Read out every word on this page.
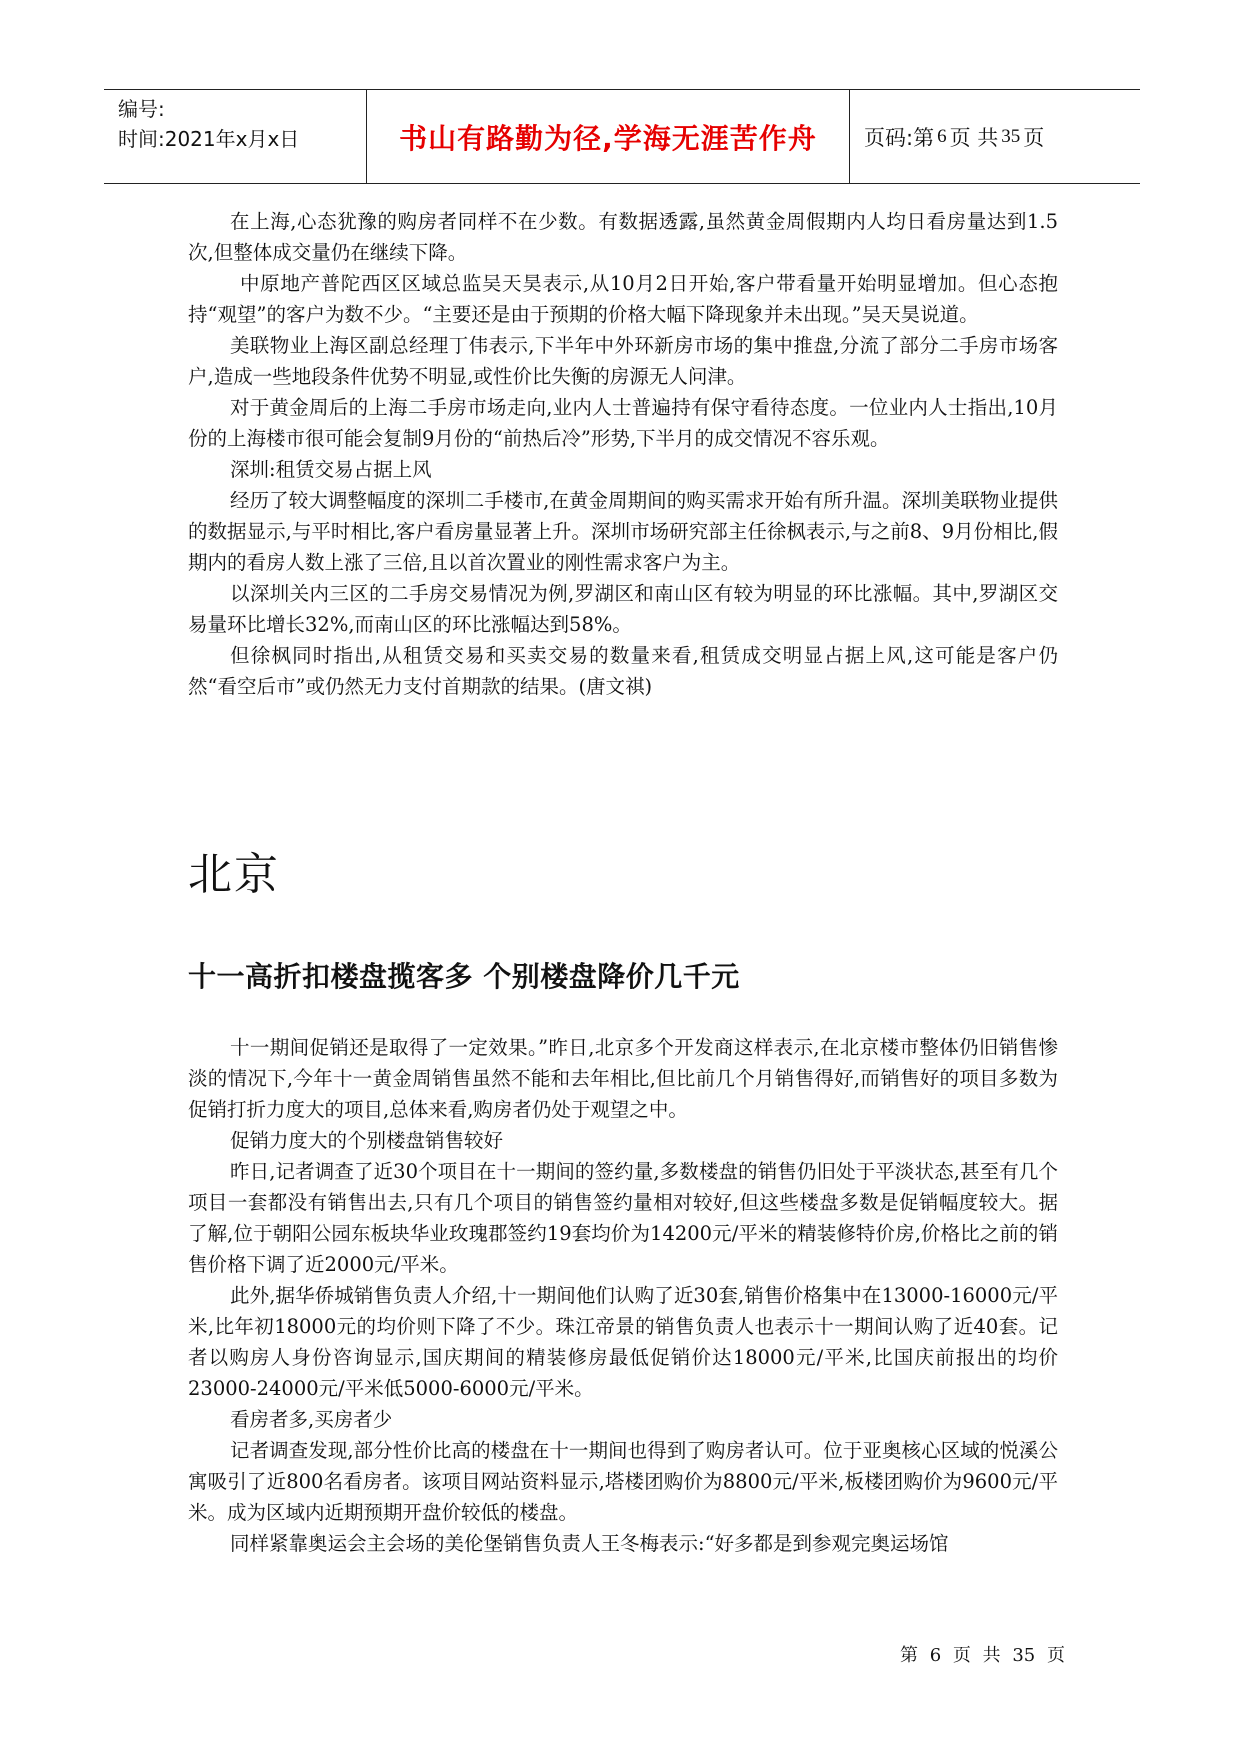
编号:
时间:2021年x月x日	书山有路勤为径,学海无涯苦作舟	页码:第 6 页 共 35 页

在上海,心态犹豫的购房者同样不在少数。有数据透露,虽然黄金周假期内人均日看房量达到1.5次,但整体成交量仍在继续下降。

中原地产普陀西区区域总监吴天昊表示,从10月2日开始,客户带看量开始明显增加。但心态抱持“观望”的客户为数不少。“主要还是由于预期的价格大幅下降现象并未出现。”吴天昊说道。

美联物业上海区副总经理丁伟表示,下半年中外环新房市场的集中推盘,分流了部分二手房市场客户,造成一些地段条件优势不明显,或性价比失衡的房源无人问津。

对于黄金周后的上海二手房市场走向,业内人士普遍持有保守看待态度。一位业内人士指出,10月份的上海楼市很可能会复制9月份的“前热后冷”形势,下半月的成交情况不容乐观。

深圳:租赁交易占据上风

经历了较大调整幅度的深圳二手楼市,在黄金周期间的购买需求开始有所升温。深圳美联物业提供的数据显示,与平时相比,客户看房量显著上升。深圳市场研究部主任徐枫表示,与之前8、9月份相比,假期内的看房人数上涨了三倍,且以首次置业的刚性需求客户为主。

以深圳关内三区的二手房交易情况为例,罗湖区和南山区有较为明显的环比涨幅。其中,罗湖区交易量环比增长32%,而南山区的环比涨幅达到58%。

但徐枫同时指出,从租赁交易和买卖交易的数量来看,租赁成交明显占据上风,这可能是客户仍然“看空后市”或仍然无力支付首期款的结果。(唐文祺)

北京
十一高折扣楼盘揽客多 个别楼盘降价几千元

十一期间促销还是取得了一定效果。”昨日,北京多个开发商这样表示,在北京楼市整体仍旧销售惨淡的情况下,今年十一黄金周销售虽然不能和去年相比,但比前几个月销售得好,而销售好的项目多数为促销打折力度大的项目,总体来看,购房者仍处于观望之中。

促销力度大的个别楼盘销售较好

昨日,记者调查了近30个项目在十一期间的签约量,多数楼盘的销售仍旧处于平淡状态,甚至有几个项目一套都没有销售出去,只有几个项目的销售签约量相对较好,但这些楼盘多数是促销幅度较大。据了解,位于朝阳公园东板块华业玫瑰郡签约19套均价为14200元/平米的精装修特价房,价格比之前的销售价格下调了近2000元/平米。

此外,据华侨城销售负责人介绍,十一期间他们认购了近30套,销售价格集中在13000-16000元/平米,比年初18000元的均价则下降了不少。珠江帝景的销售负责人也表示十一期间认购了近40套。记者以购房人身份咨询显示,国庆期间的精装修房最低促销价达18000元/平米,比国庆前报出的均价23000-24000元/平米低5000-6000元/平米。

看房者多,买房者少

记者调查发现,部分性价比高的楼盘在十一期间也得到了购房者认可。位于亚奥核心区域的悦溪公寓吸引了近800名看房者。该项目网站资料显示,塔楼团购价为8800元/平米,板楼团购价为9600元/平米。成为区域内近期预期开盘价较低的楼盘。

同样紧靠奥运会主会场的美伦堡销售负责人王冬梅表示:“好多都是到参观完奥运场馆

第 6 页 共 35 页
